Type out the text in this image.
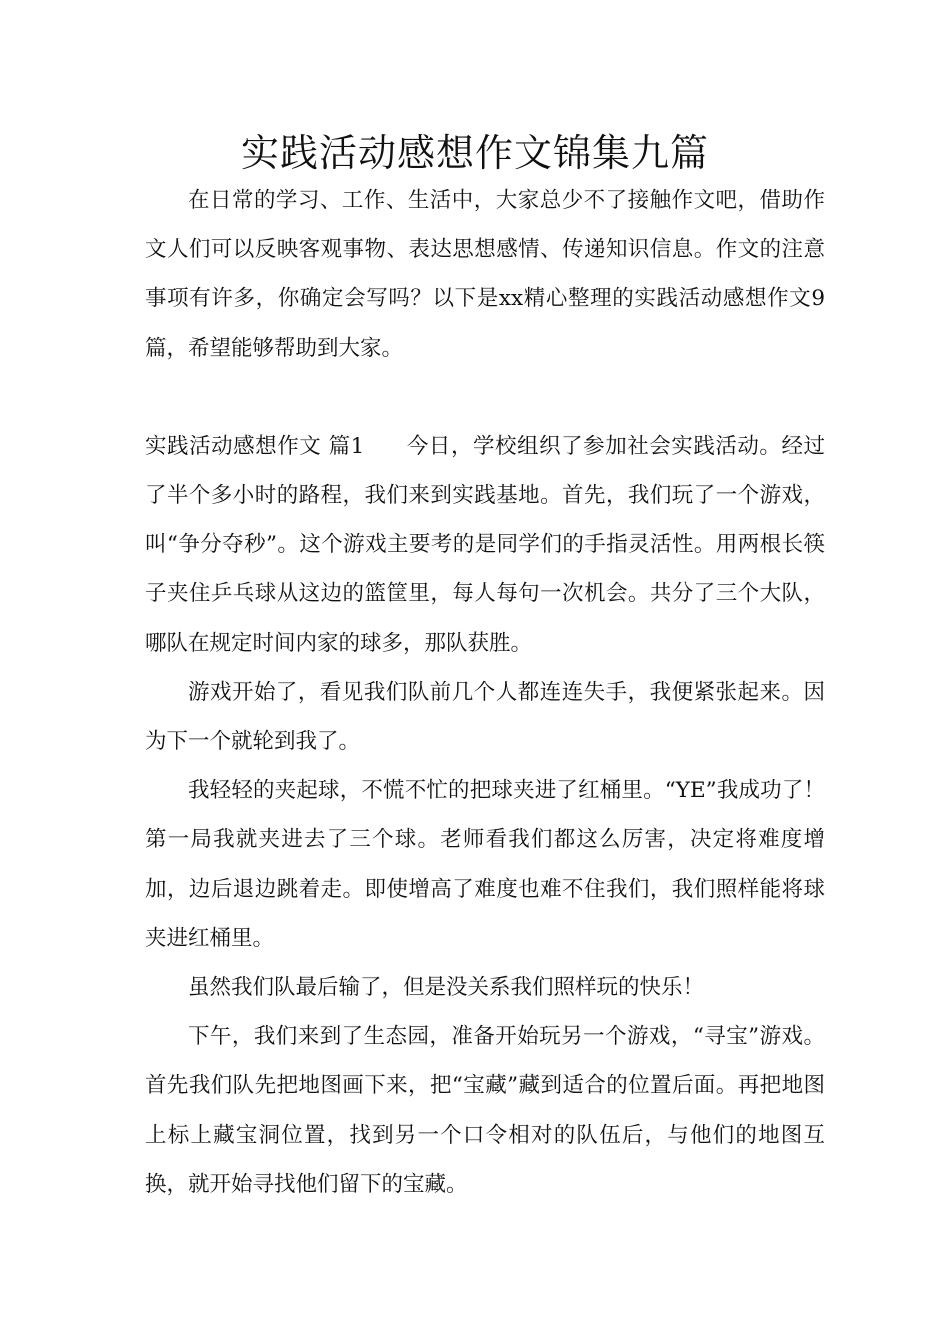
实践活动感想作文锦集九篇

在日常的学习、工作、生活中，大家总少不了接触作文吧，借助作文人们可以反映客观事物、表达思想感情、传递知识信息。作文的注意事项有许多，你确定会写吗？以下是xx精心整理的实践活动感想作文9篇，希望能够帮助到大家。

实践活动感想作文 篇1 今日，学校组织了参加社会实践活动。经过了半个多小时的路程，我们来到实践基地。首先，我们玩了一个游戏，叫“争分夺秒”。这个游戏主要考的是同学们的手指灵活性。用两根长筷子夹住乒乓球从这边的篮筐里，每人每句一次机会。共分了三个大队，哪队在规定时间内家的球多，那队获胜。

游戏开始了，看见我们队前几个人都连连失手，我便紧张起来。因为下一个就轮到我了。

我轻轻的夹起球，不慌不忙的把球夹进了红桶里。“YE”我成功了！第一局我就夹进去了三个球。老师看我们都这么厉害，决定将难度增加，边后退边跳着走。即使增高了难度也难不住我们，我们照样能将球夹进红桶里。

虽然我们队最后输了，但是没关系我们照样玩的快乐！

下午，我们来到了生态园，准备开始玩另一个游戏，“寻宝”游戏。首先我们队先把地图画下来，把“宝藏”藏到适合的位置后面。再把地图上标上藏宝洞位置，找到另一个口令相对的队伍后，与他们的地图互换，就开始寻找他们留下的宝藏。
